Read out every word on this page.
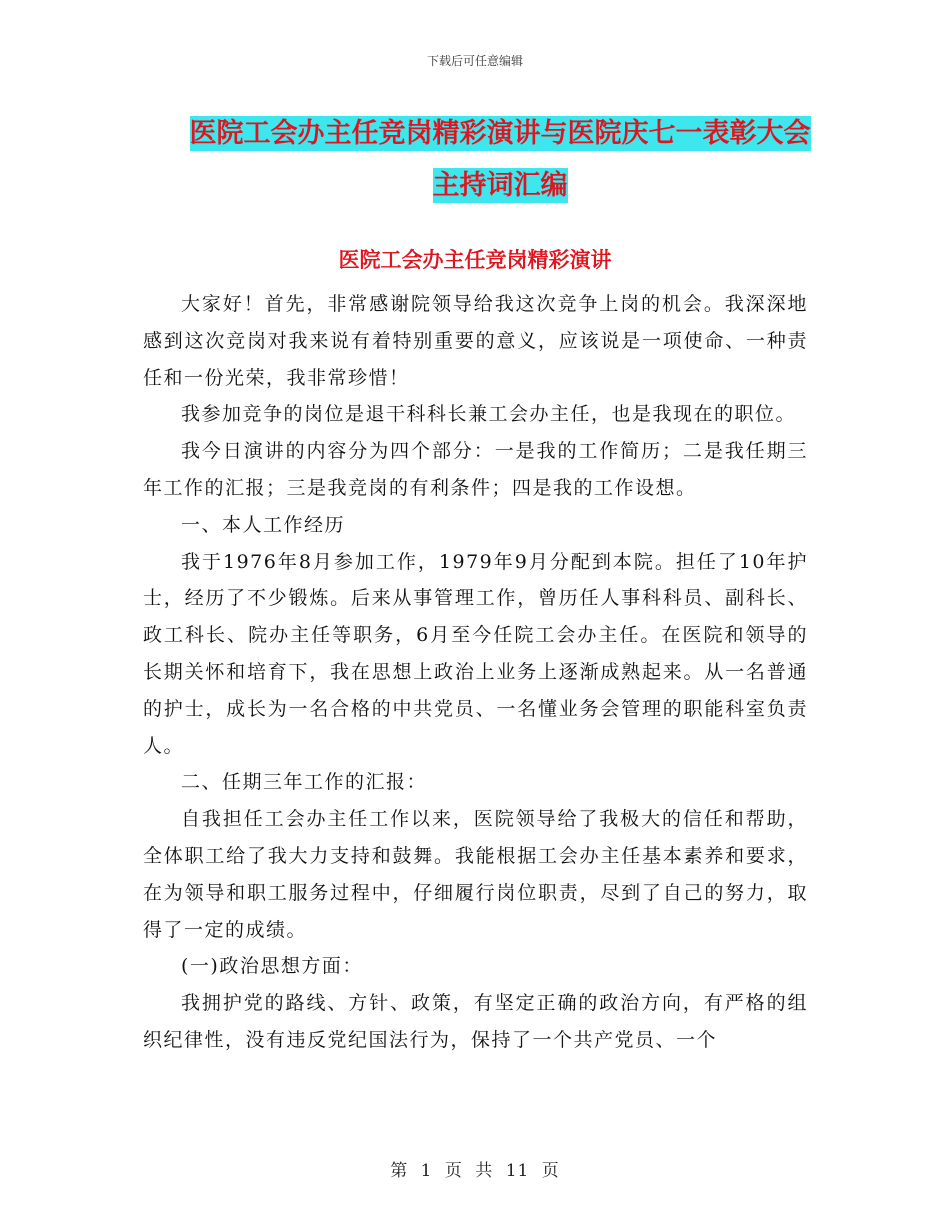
下载后可任意编辑
医院工会办主任竞岗精彩演讲与医院庆七一表彰大会
主持词汇编
医院工会办主任竞岗精彩演讲

大家好！首先，非常感谢院领导给我这次竞争上岗的机会。我深深地感到这次竞岗对我来说有着特别重要的意义，应该说是一项使命、一种责任和一份光荣，我非常珍惜！

我参加竞争的岗位是退干科科长兼工会办主任，也是我现在的职位。

我今日演讲的内容分为四个部分：一是我的工作简历；二是我任期三年工作的汇报；三是我竞岗的有利条件；四是我的工作设想。

一、本人工作经历

我于1976年8月参加工作，1979年9月分配到本院。担任了10年护士，经历了不少锻炼。后来从事管理工作，曾历任人事科科员、副科长、政工科长、院办主任等职务，6月至今任院工会办主任。在医院和领导的长期关怀和培育下，我在思想上政治上业务上逐渐成熟起来。从一名普通的护士，成长为一名合格的中共党员、一名懂业务会管理的职能科室负责人。

二、任期三年工作的汇报：

自我担任工会办主任工作以来，医院领导给了我极大的信任和帮助，全体职工给了我大力支持和鼓舞。我能根据工会办主任基本素养和要求，在为领导和职工服务过程中，仔细履行岗位职责，尽到了自己的努力，取得了一定的成绩。

(一)政治思想方面：

我拥护党的路线、方针、政策，有坚定正确的政治方向，有严格的组织纪律性，没有违反党纪国法行为，保持了一个共产党员、一个

第 1 页 共 11 页
